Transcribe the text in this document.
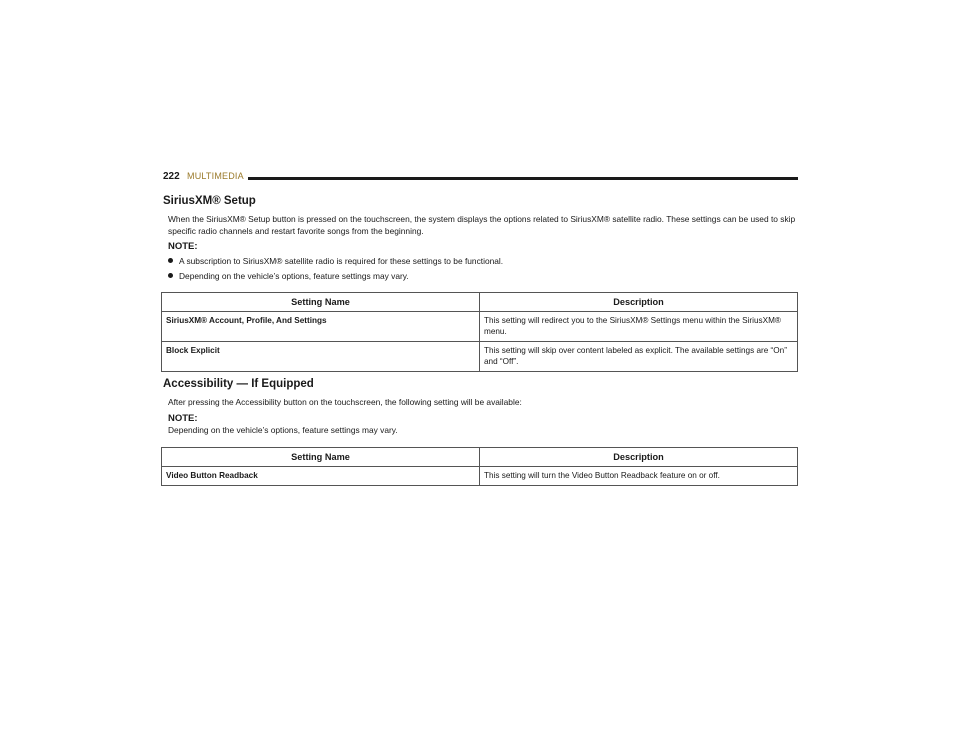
222 MULTIMEDIA
SiriusXM® Setup
When the SiriusXM® Setup button is pressed on the touchscreen, the system displays the options related to SiriusXM® satellite radio. These settings can be used to skip specific radio channels and restart favorite songs from the beginning.
NOTE:
A subscription to SiriusXM® satellite radio is required for these settings to be functional.
Depending on the vehicle’s options, feature settings may vary.
Setting Name	Description
SiriusXM® Account, Profile, And Settings	This setting will redirect you to the SiriusXM® Settings menu within the SiriusXM® menu.
Block Explicit	This setting will skip over content labeled as explicit. The available settings are “On” and “Off”.
Accessibility — If Equipped
After pressing the Accessibility button on the touchscreen, the following setting will be available:
NOTE:
Depending on the vehicle’s options, feature settings may vary.
Setting Name	Description
Video Button Readback	This setting will turn the Video Button Readback feature on or off.
